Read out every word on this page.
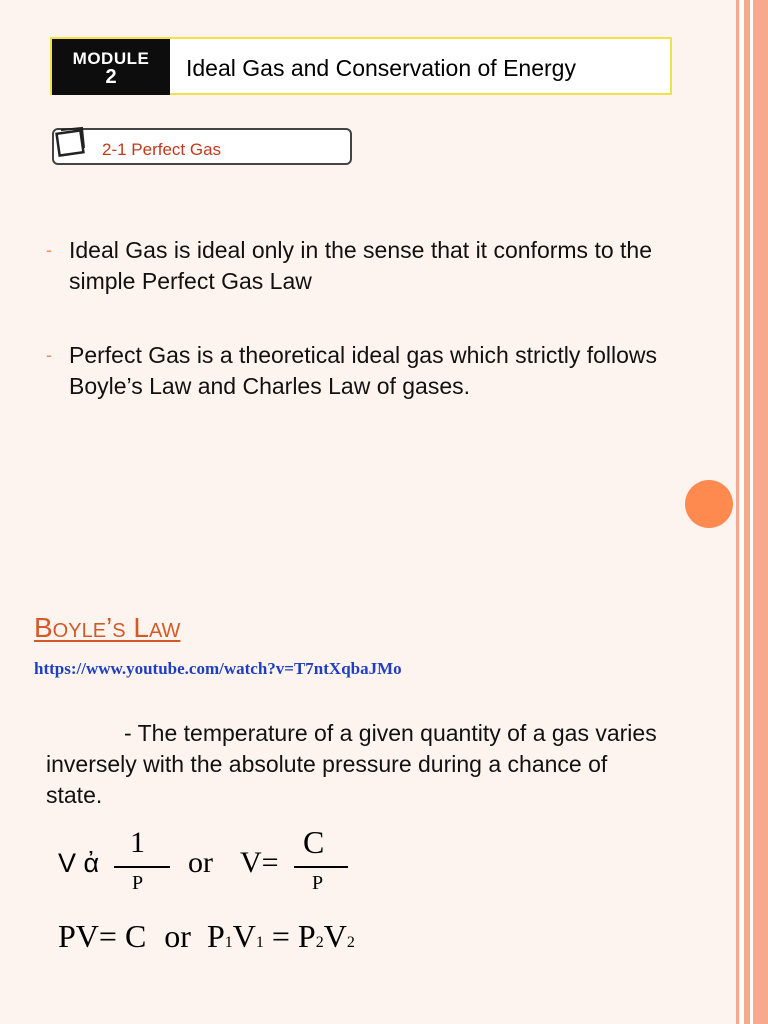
MODULE
2	Ideal Gas and Conservation of Energy
2-1 Perfect Gas
- Ideal Gas is ideal only in the sense that it conforms to the simple Perfect Gas Law
- Perfect Gas is a theoretical ideal gas which strictly follows Boyle’s Law and Charles Law of gases.
Boyle’s Law
https://www.youtube.com/watch?v=T7ntXqbaJMo
- The temperature of a given quantity of a gas varies inversely with the absolute pressure during a chance of state.
V ἀ
1
P
or V=
C
P
PV= C or P1V1 = P2V2
